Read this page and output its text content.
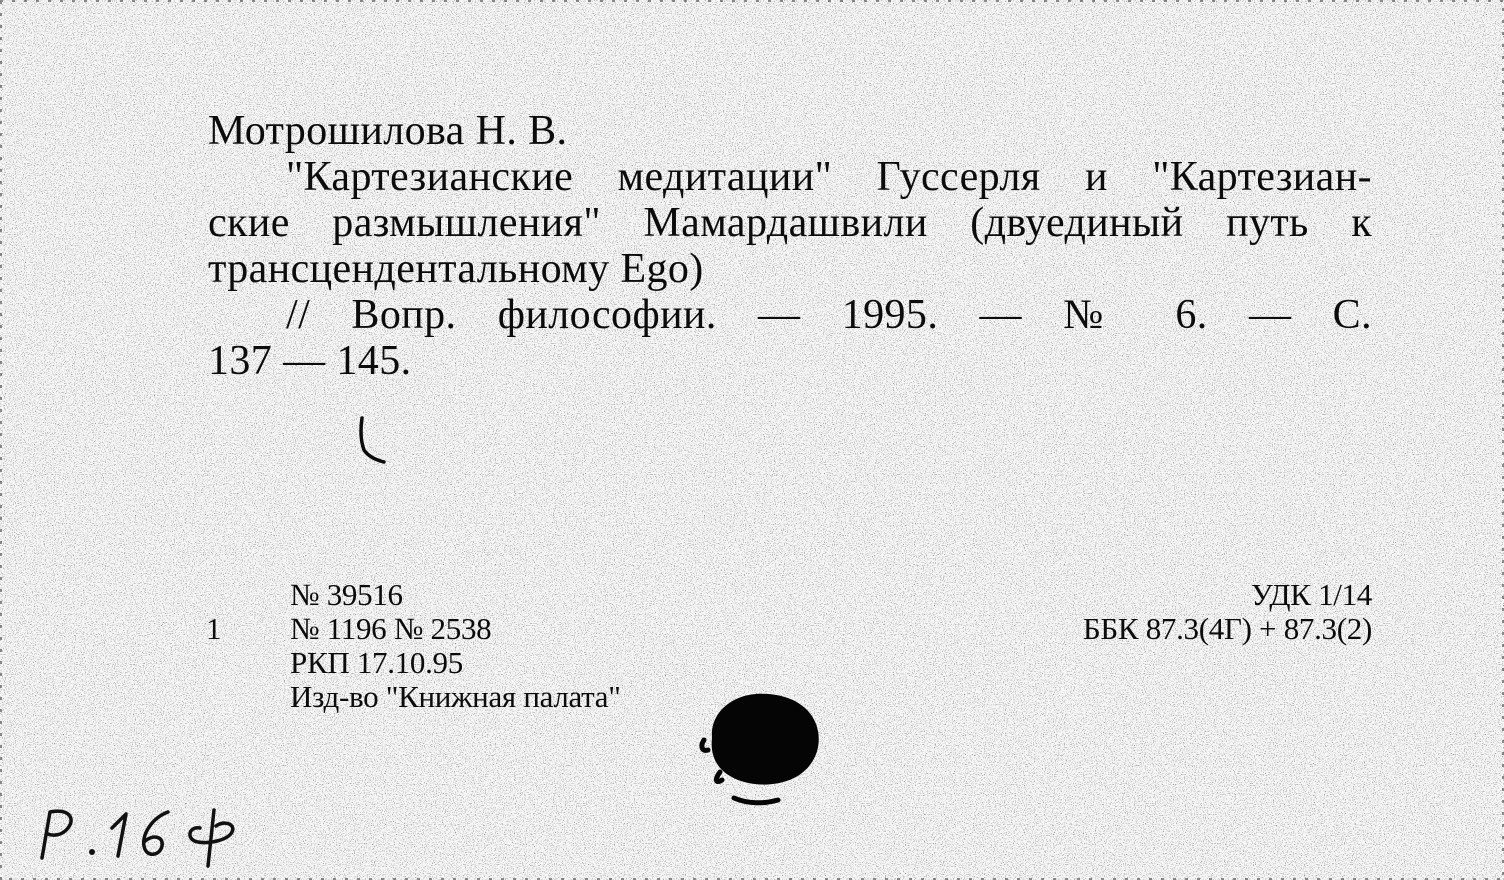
Мотрошилова Н. В.
"Картезианские медитации" Гуссерля и "Картезиан-
ские размышления" Мамардашвили (двуединый путь к
трансцендентальному Ego)
// Вопр. философии. — 1995. — № 6. — С.
137 — 145.
1
№ 39516
№ 1196 № 2538
РКП 17.10.95
Изд-во "Книжная палата"
УДК 1/14
ББК 87.3(4Г) + 87.3(2)
